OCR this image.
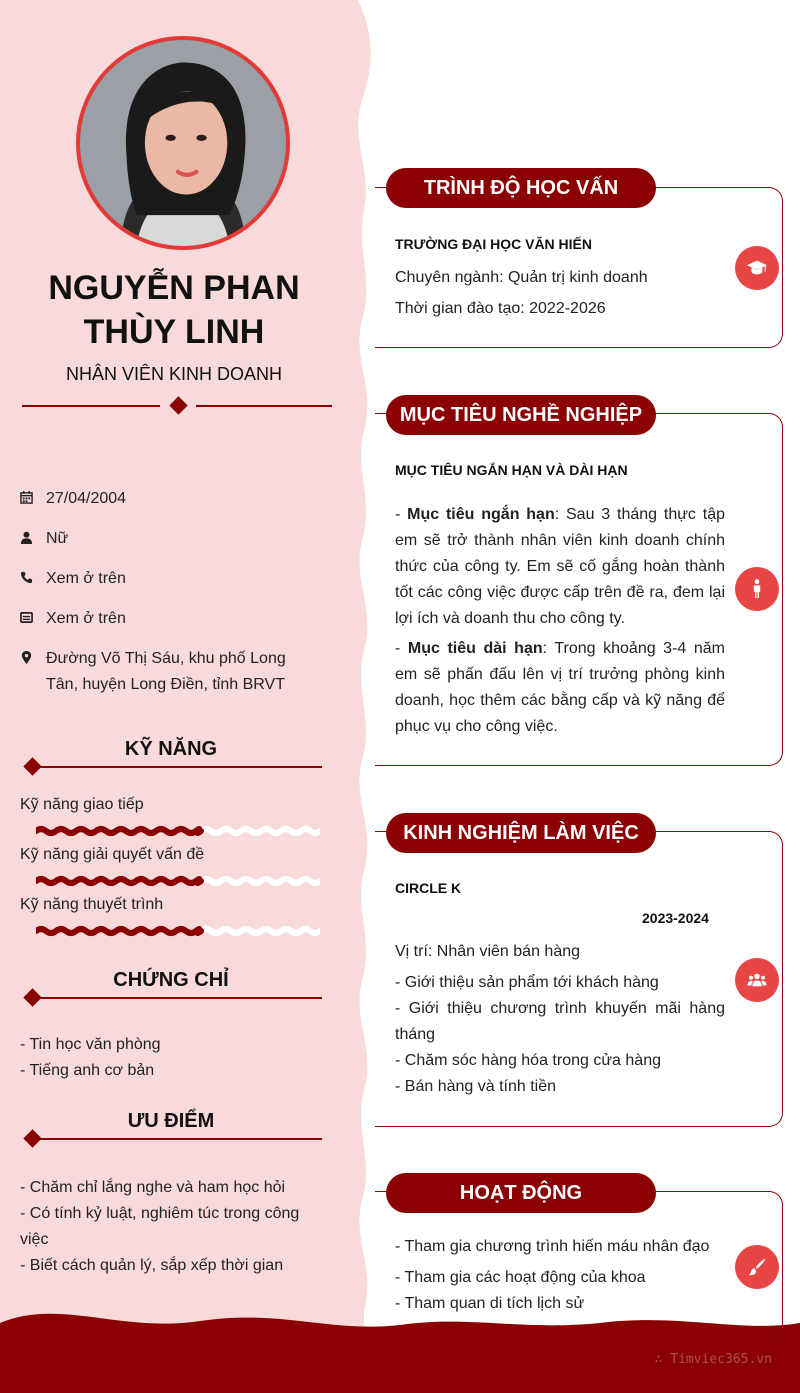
NGUYỄN PHAN
THÙY LINH
NHÂN VIÊN KINH DOANH
27/04/2004
Nữ
Xem ở trên
Xem ở trên
Đường Võ Thị Sáu, khu phố Long Tân, huyện Long Điền, tỉnh BRVT
KỸ NĂNG
Kỹ năng giao tiếp
Kỹ năng giải quyết vấn đề
Kỹ năng thuyết trình
CHỨNG CHỈ
- Tin học văn phòng
- Tiếng anh cơ bản
ƯU ĐIỂM
- Chăm chỉ lắng nghe và ham học hỏi
- Có tính kỷ luật, nghiêm túc trong công việc
- Biết cách quản lý, sắp xếp thời gian
TRÌNH ĐỘ HỌC VẤN
TRƯỜNG ĐẠI HỌC VĂN HIẾN
Chuyên ngành: Quản trị kinh doanh
Thời gian đào tạo: 2022-2026
MỤC TIÊU NGHỀ NGHIỆP
MỤC TIÊU NGẮN HẠN VÀ DÀI HẠN
- Mục tiêu ngắn hạn: Sau 3 tháng thực tập em sẽ trở thành nhân viên kinh doanh chính thức của công ty. Em sẽ cố gắng hoàn thành tốt các công việc được cấp trên đề ra, đem lại lợi ích và doanh thu cho công ty.
- Mục tiêu dài hạn: Trong khoảng 3-4 năm em sẽ phấn đấu lên vị trí trưởng phòng kinh doanh, học thêm các bằng cấp và kỹ năng để phục vụ cho công việc.
KINH NGHIỆM LÀM VIỆC
CIRCLE K
2023-2024
Vị trí: Nhân viên bán hàng
- Giới thiệu sản phẩm tới khách hàng
- Giới thiệu chương trình khuyến mãi hàng tháng
- Chăm sóc hàng hóa trong cửa hàng
- Bán hàng và tính tiền
HOẠT ĐỘNG
- Tham gia chương trình hiến máu nhân đạo
- Tham gia các hoạt động của khoa
- Tham quan di tích lịch sử
∴ Timviec365.vn
